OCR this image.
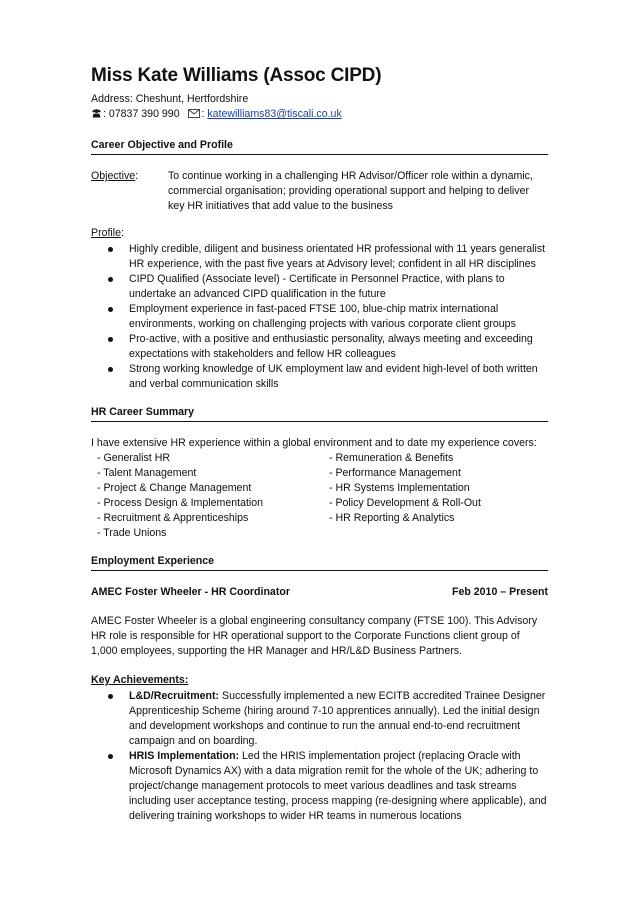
Miss Kate Williams (Assoc CIPD)

Address: Cheshunt, Hertfordshire

: 07837 390 990 : katewilliams83@tiscali.co.uk

Career Objective and Profile
Objective:	To continue working in a challenging HR Advisor/Officer role within a dynamic, commercial organisation; providing operational support and helping to deliver key HR initiatives that add value to the business
Profile:
Highly credible, diligent and business orientated HR professional with 11 years generalist HR experience, with the past five years at Advisory level; confident in all HR disciplines
CIPD Qualified (Associate level) - Certificate in Personnel Practice, with plans to undertake an advanced CIPD qualification in the future
Employment experience in fast-paced FTSE 100, blue-chip matrix international environments, working on challenging projects with various corporate client groups
Pro-active, with a positive and enthusiastic personality, always meeting and exceeding expectations with stakeholders and fellow HR colleagues
Strong working knowledge of UK employment law and evident high-level of both written and verbal communication skills
HR Career Summary

I have extensive HR experience within a global environment and to date my experience covers:

- Generalist HR
- Talent Management
- Project & Change Management
- Process Design & Implementation
- Recruitment & Apprenticeships
- Trade Unions
- Remuneration & Benefits
- Performance Management
- HR Systems Implementation
- Policy Development & Roll-Out
- HR Reporting & Analytics
Employment Experience
AMEC Foster Wheeler - HR Coordinator	Feb 2010 – Present

AMEC Foster Wheeler is a global engineering consultancy company (FTSE 100). This Advisory HR role is responsible for HR operational support to the Corporate Functions client group of 1,000 employees, supporting the HR Manager and HR/L&D Business Partners.

Key Achievements:
L&D/Recruitment: Successfully implemented a new ECITB accredited Trainee Designer Apprenticeship Scheme (hiring around 7-10 apprentices annually). Led the initial design and development workshops and continue to run the annual end-to-end recruitment campaign and on boarding.
HRIS Implementation: Led the HRIS implementation project (replacing Oracle with Microsoft Dynamics AX) with a data migration remit for the whole of the UK; adhering to project/change management protocols to meet various deadlines and task streams including user acceptance testing, process mapping (re-designing where applicable), and delivering training workshops to wider HR teams in numerous locations
